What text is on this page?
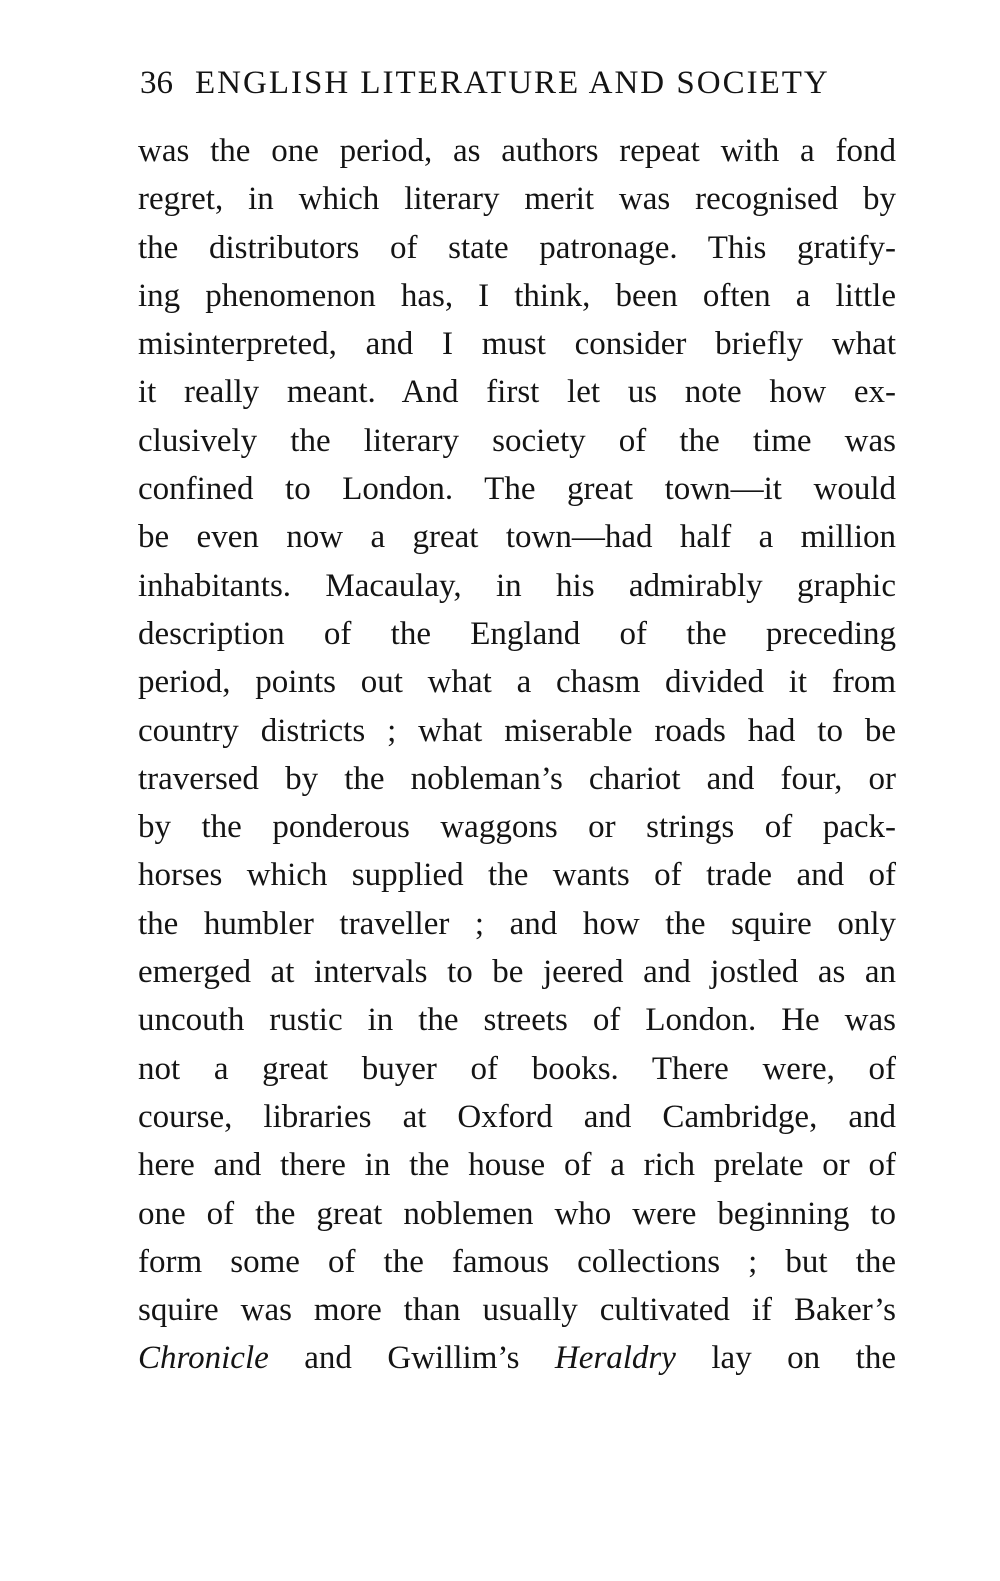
36 ENGLISH LITERATURE AND SOCIETY
was the one period, as authors repeat with a fond
regret, in which literary merit was recognised by
the distributors of state patronage. This gratify-
ing phenomenon has, I think, been often a little
misinterpreted, and I must consider briefly what
it really meant. And first let us note how ex-
clusively the literary society of the time was
confined to London. The great town—it would
be even now a great town—had half a million
inhabitants. Macaulay, in his admirably graphic
description of the England of the preceding
period, points out what a chasm divided it from
country districts ; what miserable roads had to be
traversed by the nobleman’s chariot and four, or
by the ponderous waggons or strings of pack-
horses which supplied the wants of trade and of
the humbler traveller ; and how the squire only
emerged at intervals to be jeered and jostled as an
uncouth rustic in the streets of London. He was
not a great buyer of books. There were, of
course, libraries at Oxford and Cambridge, and
here and there in the house of a rich prelate or of
one of the great noblemen who were beginning to
form some of the famous collections ; but the
squire was more than usually cultivated if Baker’s
Chronicle and Gwillim’s Heraldry lay on the
